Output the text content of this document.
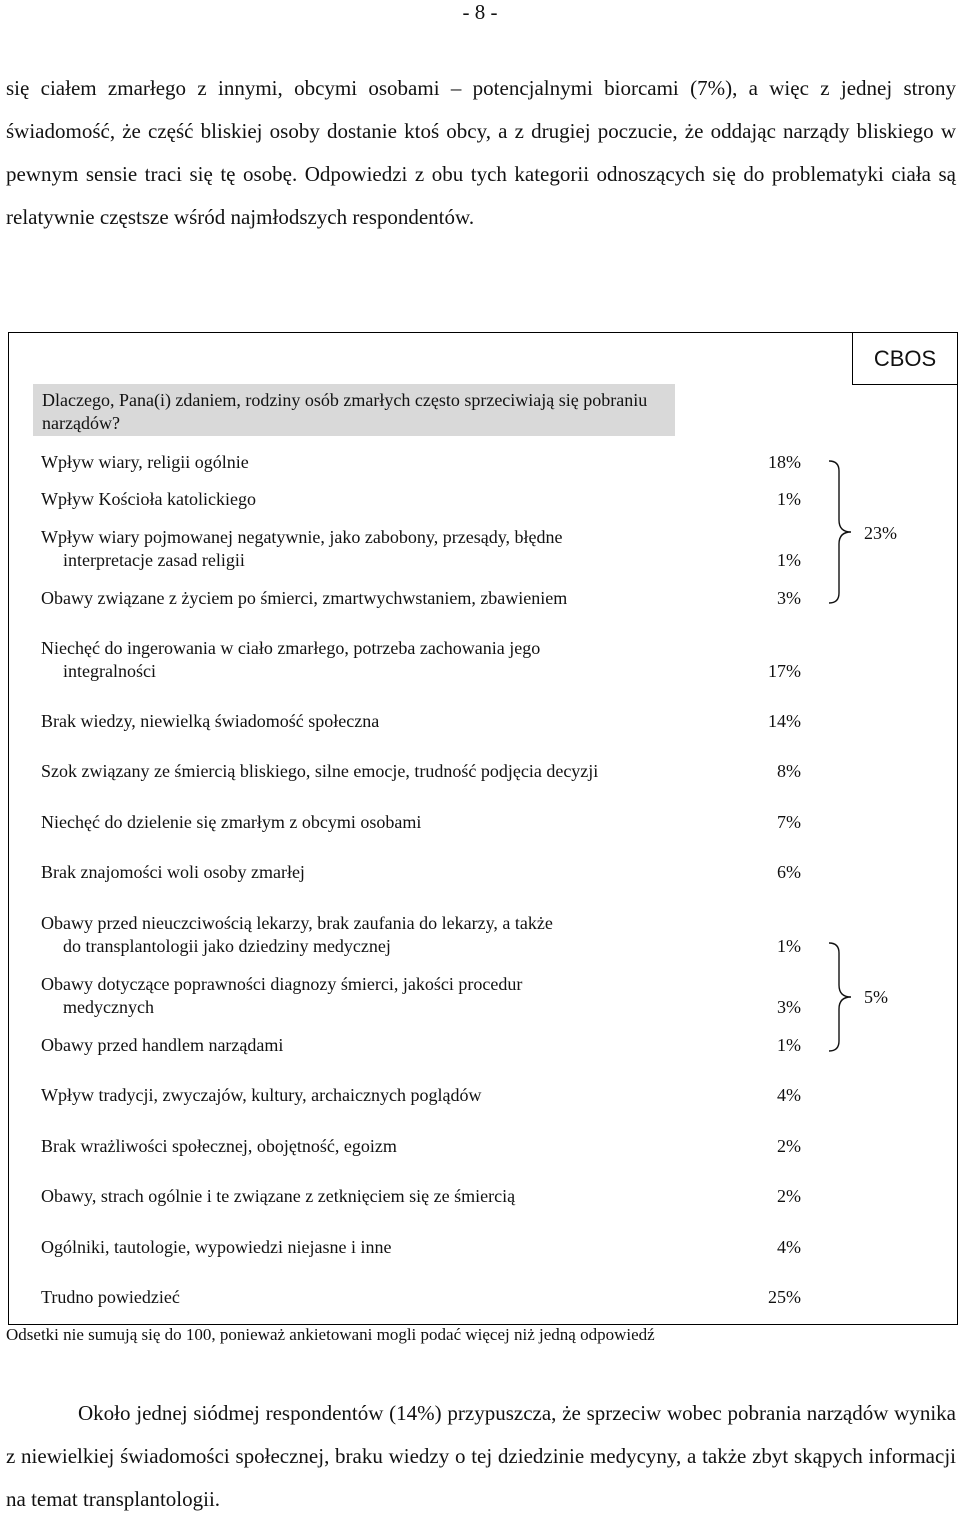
- 8 -
się ciałem zmarłego z innymi, obcymi osobami – potencjalnymi biorcami (7%), a więc z jednej strony świadomość, że część bliskiej osoby dostanie ktoś obcy, a z drugiej poczucie, że oddając narządy bliskiego w pewnym sensie traci się tę osobę. Odpowiedzi z obu tych kategorii odnoszących się do problematyki ciała są relatywnie częstsze wśród najmłodszych respondentów.
CBOS
Dlaczego, Pana(i) zdaniem, rodziny osób zmarłych często sprzeciwiają się pobraniu narządów?
Wpływ wiary, religii ogólnie	18%
Wpływ Kościoła katolickiego	1%
Wpływ wiary pojmowanej negatywnie, jako zabobony, przesądy, błędne
interpretacje zasad religii	1%
Obawy związane z życiem po śmierci, zmartwychwstaniem, zbawieniem	3%
Niechęć do ingerowania w ciało zmarłego, potrzeba zachowania jego
integralności	17%
Brak wiedzy, niewielką świadomość społeczna	14%
Szok związany ze śmiercią bliskiego, silne emocje, trudność podjęcia decyzji	8%
Niechęć do dzielenie się zmarłym z obcymi osobami	7%
Brak znajomości woli osoby zmarłej	6%
Obawy przed nieuczciwością lekarzy, brak zaufania do lekarzy, a także
do transplantologii jako dziedziny medycznej	1%
Obawy dotyczące poprawności diagnozy śmierci, jakości procedur
medycznych	3%
Obawy przed handlem narządami	1%
Wpływ tradycji, zwyczajów, kultury, archaicznych poglądów	4%
Brak wrażliwości społecznej, obojętność, egoizm	2%
Obawy, strach ogólnie i te związane z zetknięciem się ze śmiercią	2%
Ogólniki, tautologie, wypowiedzi niejasne i inne	4%
Trudno powiedzieć	25%
23%
5%
Odsetki nie sumują się do 100, ponieważ ankietowani mogli podać więcej niż jedną odpowiedź
Około jednej siódmej respondentów (14%) przypuszcza, że sprzeciw wobec pobrania narządów wynika z niewielkiej świadomości społecznej, braku wiedzy o tej dziedzinie medycyny, a także zbyt skąpych informacji na temat transplantologii.
